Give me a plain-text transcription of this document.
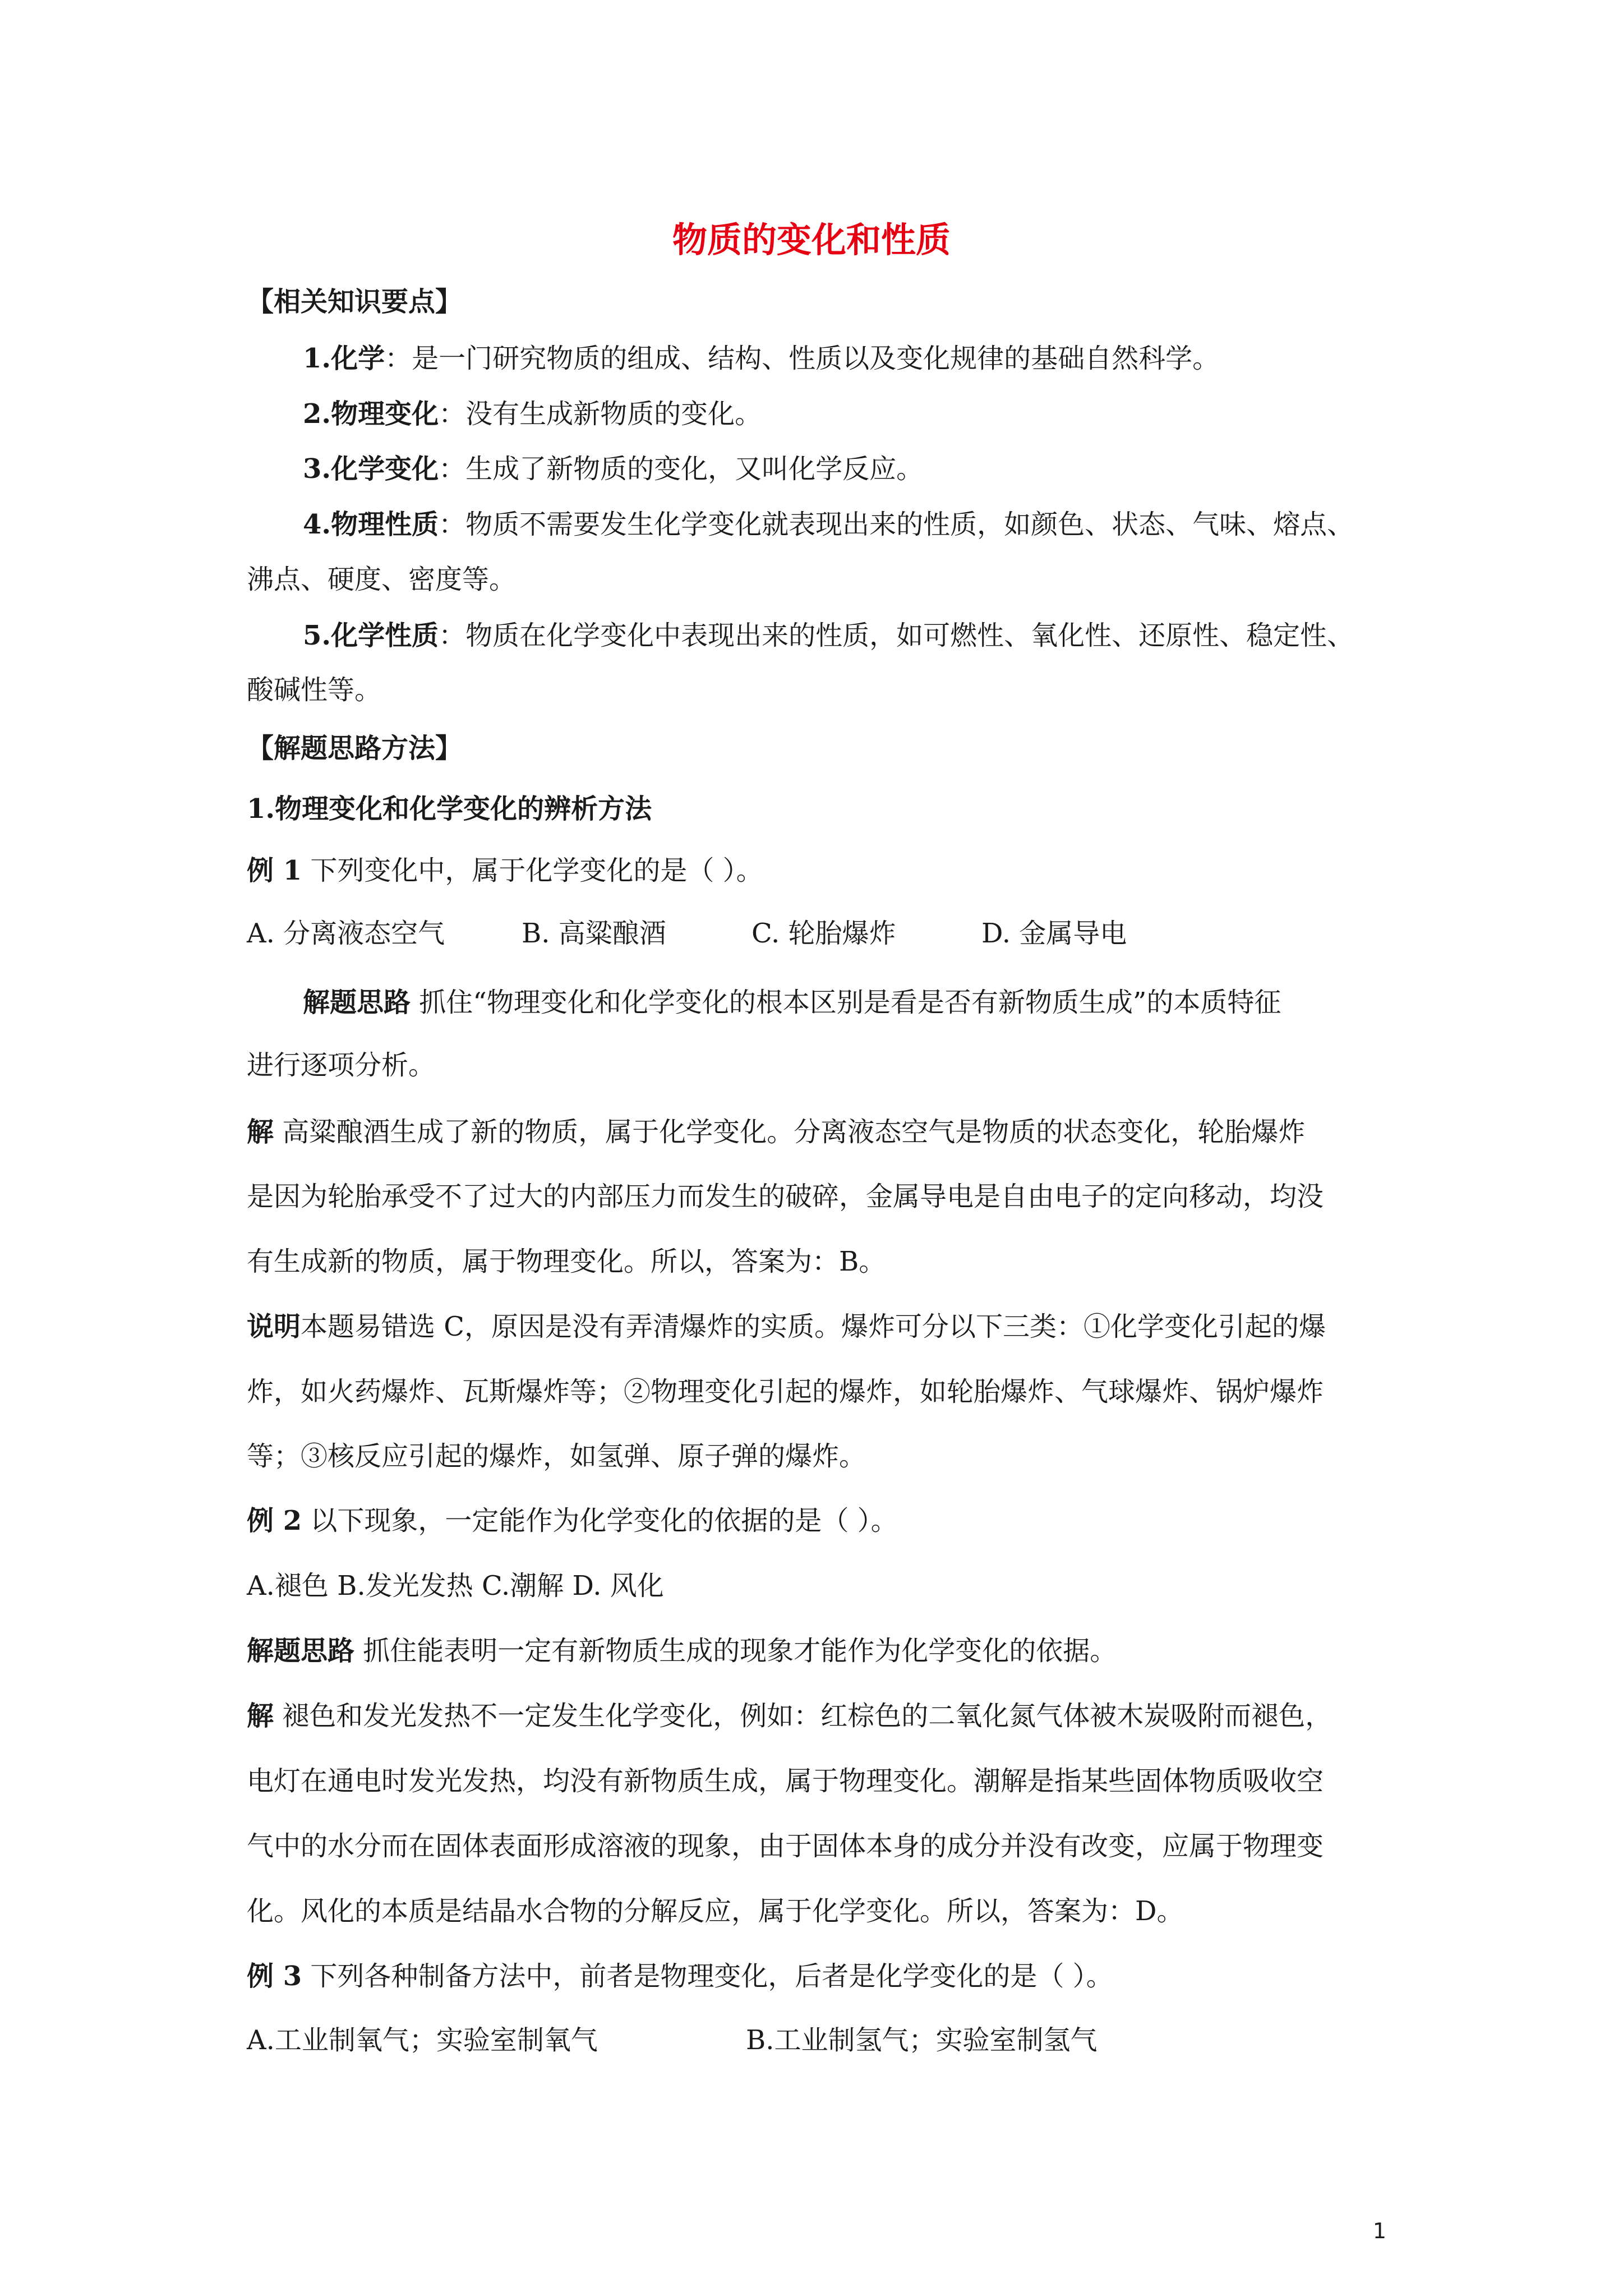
物质的变化和性质
【相关知识要点】
1.化学：是一门研究物质的组成、结构、性质以及变化规律的基础自然科学。
2.物理变化：没有生成新物质的变化。
3.化学变化：生成了新物质的变化，又叫化学反应。
4.物理性质：物质不需要发生化学变化就表现出来的性质，如颜色、状态、气味、熔点、
沸点、硬度、密度等。
5.化学性质：物质在化学变化中表现出来的性质，如可燃性、氧化性、还原性、稳定性、
酸碱性等。
【解题思路方法】
1.物理变化和化学变化的辨析方法
例 1 下列变化中，属于化学变化的是（ ）。
A. 分离液态空气	B. 高粱酿酒	C. 轮胎爆炸	D. 金属导电
解题思路 抓住“物理变化和化学变化的根本区别是看是否有新物质生成”的本质特征
进行逐项分析。
解 高粱酿酒生成了新的物质，属于化学变化。分离液态空气是物质的状态变化，轮胎爆炸
是因为轮胎承受不了过大的内部压力而发生的破碎，金属导电是自由电子的定向移动，均没
有生成新的物质，属于物理变化。所以，答案为：B。
说明本题易错选 C，原因是没有弄清爆炸的实质。爆炸可分以下三类：①化学变化引起的爆
炸，如火药爆炸、瓦斯爆炸等；②物理变化引起的爆炸，如轮胎爆炸、气球爆炸、锅炉爆炸
等；③核反应引起的爆炸，如氢弹、原子弹的爆炸。
例 2 以下现象，一定能作为化学变化的依据的是（ ）。
A.褪色 B.发光发热 C.潮解 D. 风化
解题思路 抓住能表明一定有新物质生成的现象才能作为化学变化的依据。
解 褪色和发光发热不一定发生化学变化，例如：红棕色的二氧化氮气体被木炭吸附而褪色，
电灯在通电时发光发热，均没有新物质生成，属于物理变化。潮解是指某些固体物质吸收空
气中的水分而在固体表面形成溶液的现象，由于固体本身的成分并没有改变，应属于物理变
化。风化的本质是结晶水合物的分解反应，属于化学变化。所以，答案为：D。
例 3 下列各种制备方法中，前者是物理变化，后者是化学变化的是（ ）。
A.工业制氧气；实验室制氧气	B.工业制氢气；实验室制氢气
1
